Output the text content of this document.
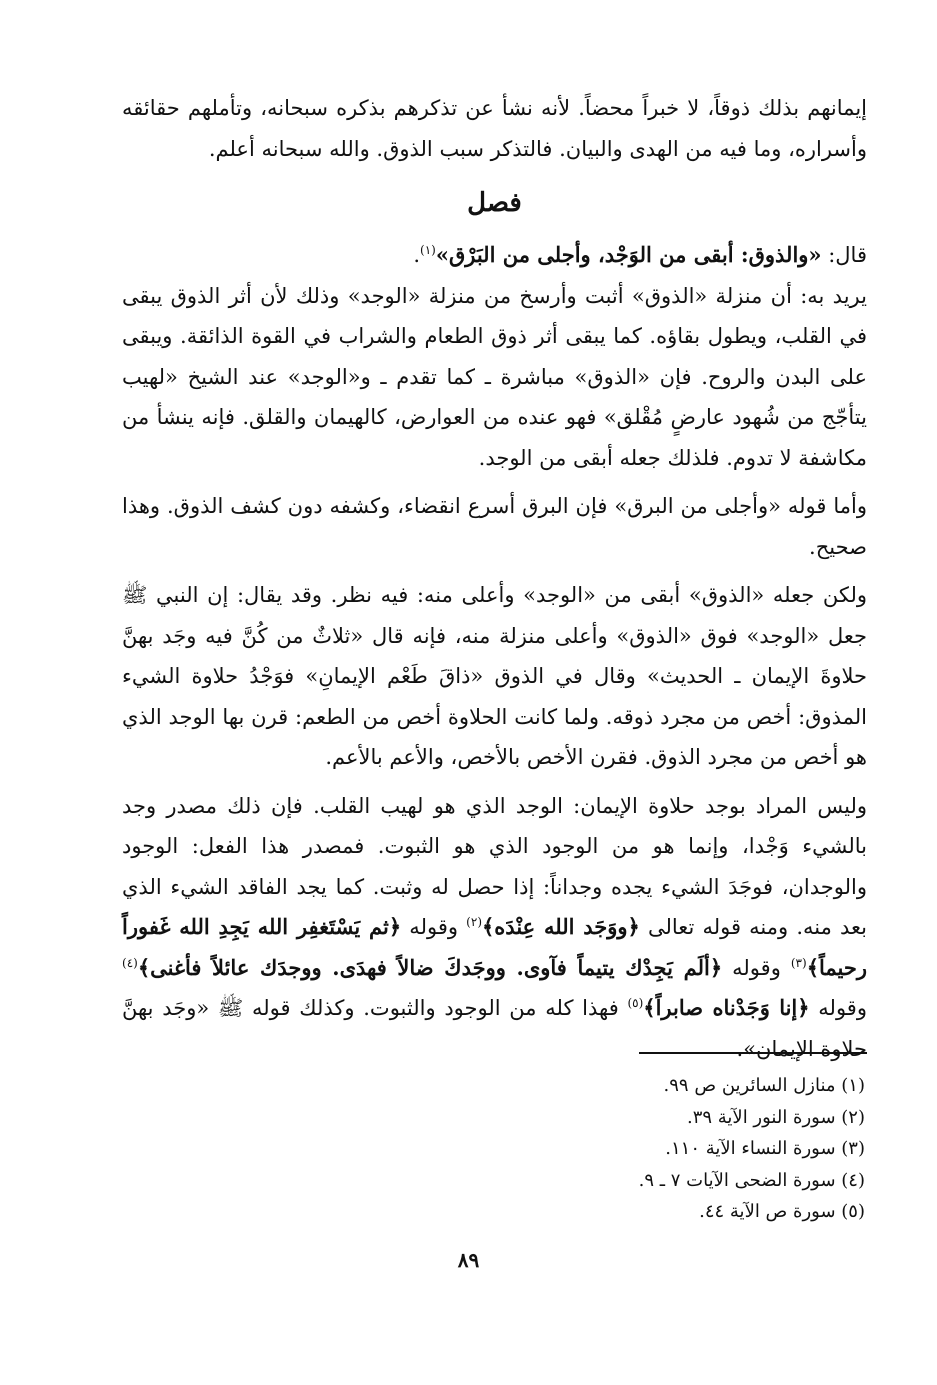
إيمانهم بذلك ذوقاً، لا خبراً محضاً. لأنه نشأ عن تذكرهم بذكره سبحانه، وتأملهم حقائقه وأسراره، وما فيه من الهدى والبيان. فالتذكر سبب الذوق. والله سبحانه أعلم.

فصل

قال: «والذوق: أبقى من الوَجْد، وأجلى من البَرْق»$^{(١)}$.

يريد به: أن منزلة «الذوق» أثبت وأرسخ من منزلة «الوجد» وذلك لأن أثر الذوق يبقى في القلب، ويطول بقاؤه. كما يبقى أثر ذوق الطعام والشراب في القوة الذائقة. ويبقى على البدن والروح. فإن «الذوق» مباشرة ـ كما تقدم ـ و«الوجد» عند الشيخ «لهيب يتأجّج من شُهود عارضٍ مُقْلق» فهو عنده من العوارض، كالهيمان والقلق. فإنه ينشأ من مكاشفة لا تدوم. فلذلك جعله أبقى من الوجد.

وأما قوله «وأجلى من البرق» فإن البرق أسرع انقضاء، وكشفه دون كشف الذوق. وهذا صحيح.

ولكن جعله «الذوق» أبقى من «الوجد» وأعلى منه: فيه نظر. وقد يقال: إن النبي ﷺ جعل «الوجد» فوق «الذوق» وأعلى منزلة منه، فإنه قال «ثلاثٌ من كُنَّ فيه وجَد بهنَّ حلاوةَ الإيمان ـ الحديث» وقال في الذوق «ذاقَ طَعْم الإيمانِ» فوَجْدُ حلاوة الشيء المذوق: أخص من مجرد ذوقه. ولما كانت الحلاوة أخص من الطعم: قرن بها الوجد الذي هو أخص من مجرد الذوق. فقرن الأخص بالأخص، والأعم بالأعم.

وليس المراد بوجد حلاوة الإيمان: الوجد الذي هو لهيب القلب. فإن ذلك مصدر وجد بالشيء وَجْدا، وإنما هو من الوجود الذي هو الثبوت. فمصدر هذا الفعل: الوجود والوجدان، فوجَدَ الشيء يجده وجداناً: إذا حصل له وثبت. كما يجد الفاقد الشيء الذي بعد منه. ومنه قوله تعالى ﴿ووَجَد الله عِنْدَه﴾$^{(٢)}$ وقوله ﴿ثم يَسْتَغفِر الله يَجِدِ الله غَفوراً رحيماً﴾$^{(٣)}$ وقوله ﴿ألَم يَجِدْك يتيماً فآوى. ووجَدكَ ضالاً فهدَى. ووجدَك عائلاً فأغنى﴾$^{(٤)}$ وقوله ﴿إنا وَجَدْناه صابراً﴾$^{(٥)}$ فهذا كله من الوجود والثبوت. وكذلك قوله ﷺ «وجَد بهنَّ حلاوة الإيمان».

(١) منازل السائرين ص ٩٩.
(٢) سورة النور الآية ٣٩.
(٣) سورة النساء الآية ١١٠.
(٤) سورة الضحى الآيات ٧ ـ ٩.
(٥) سورة ص الآية ٤٤.
٨٩
